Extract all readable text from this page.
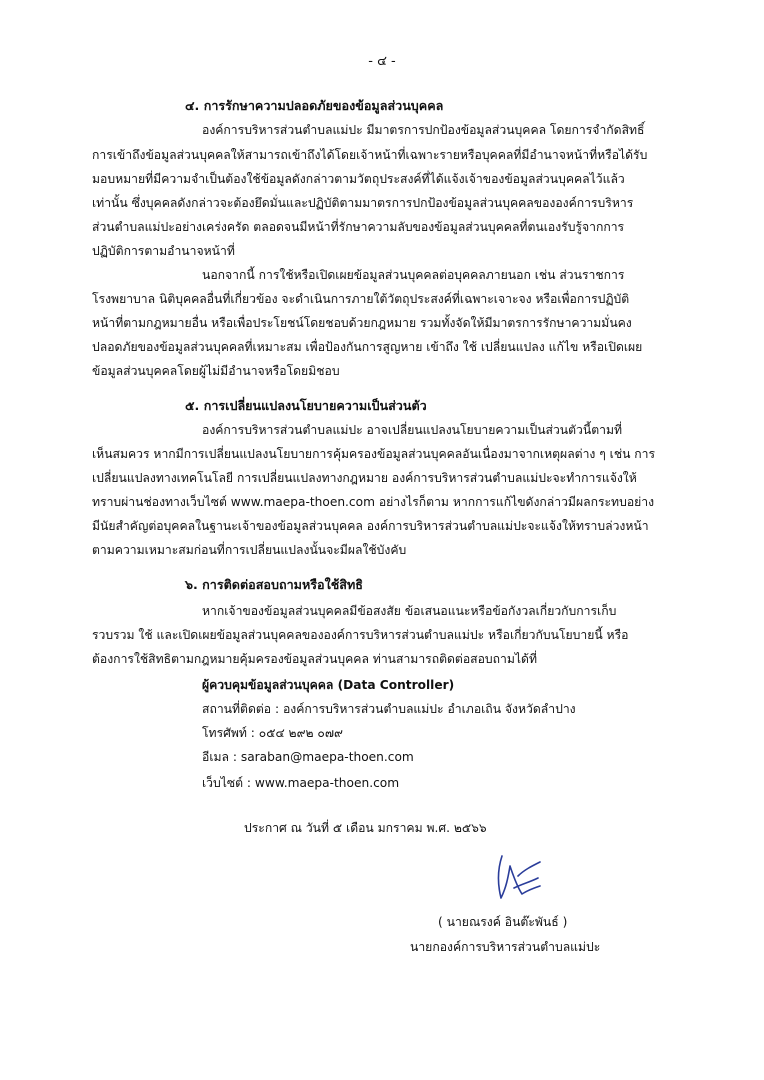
- ๔ -
๔. การรักษาความปลอดภัยของข้อมูลส่วนบุคคล
องค์การบริหารส่วนตำบลแม่ปะ มีมาตรการปกป้องข้อมูลส่วนบุคคล โดยการจำกัดสิทธิ์
การเข้าถึงข้อมูลส่วนบุคคลให้สามารถเข้าถึงได้โดยเจ้าหน้าที่เฉพาะรายหรือบุคคลที่มีอำนาจหน้าที่หรือได้รับ
มอบหมายที่มีความจำเป็นต้องใช้ข้อมูลดังกล่าวตามวัตถุประสงค์ที่ได้แจ้งเจ้าของข้อมูลส่วนบุคคลไว้แล้ว
เท่านั้น ซึ่งบุคคลดังกล่าวจะต้องยึดมั่นและปฏิบัติตามมาตรการปกป้องข้อมูลส่วนบุคคลขององค์การบริหาร
ส่วนตำบลแม่ปะอย่างเคร่งครัด ตลอดจนมีหน้าที่รักษาความลับของข้อมูลส่วนบุคคลที่ตนเองรับรู้จากการ
ปฏิบัติการตามอำนาจหน้าที่
นอกจากนี้ การใช้หรือเปิดเผยข้อมูลส่วนบุคคลต่อบุคคลภายนอก เช่น ส่วนราชการ
โรงพยาบาล นิติบุคคลอื่นที่เกี่ยวข้อง จะดำเนินการภายใต้วัตถุประสงค์ที่เฉพาะเจาะจง หรือเพื่อการปฏิบัติ
หน้าที่ตามกฎหมายอื่น หรือเพื่อประโยชน์โดยชอบด้วยกฎหมาย รวมทั้งจัดให้มีมาตรการรักษาความมั่นคง
ปลอดภัยของข้อมูลส่วนบุคคลที่เหมาะสม เพื่อป้องกันการสูญหาย เข้าถึง ใช้ เปลี่ยนแปลง แก้ไข หรือเปิดเผย
ข้อมูลส่วนบุคคลโดยผู้ไม่มีอำนาจหรือโดยมิชอบ
๕. การเปลี่ยนแปลงนโยบายความเป็นส่วนตัว
องค์การบริหารส่วนตำบลแม่ปะ อาจเปลี่ยนแปลงนโยบายความเป็นส่วนตัวนี้ตามที่
เห็นสมควร หากมีการเปลี่ยนแปลงนโยบายการคุ้มครองข้อมูลส่วนบุคคลอันเนื่องมาจากเหตุผลต่าง ๆ เช่น การ
เปลี่ยนแปลงทางเทคโนโลยี การเปลี่ยนแปลงทางกฎหมาย องค์การบริหารส่วนตำบลแม่ปะจะทำการแจ้งให้
ทราบผ่านช่องทางเว็บไซต์ www.maepa-thoen.com อย่างไรก็ตาม หากการแก้ไขดังกล่าวมีผลกระทบอย่าง
มีนัยสำคัญต่อบุคคลในฐานะเจ้าของข้อมูลส่วนบุคคล องค์การบริหารส่วนตำบลแม่ปะจะแจ้งให้ทราบล่วงหน้า
ตามความเหมาะสมก่อนที่การเปลี่ยนแปลงนั้นจะมีผลใช้บังคับ
๖. การติดต่อสอบถามหรือใช้สิทธิ
หากเจ้าของข้อมูลส่วนบุคคลมีข้อสงสัย ข้อเสนอแนะหรือข้อกังวลเกี่ยวกับการเก็บ
รวบรวม ใช้ และเปิดเผยข้อมูลส่วนบุคคลขององค์การบริหารส่วนตำบลแม่ปะ หรือเกี่ยวกับนโยบายนี้ หรือ
ต้องการใช้สิทธิตามกฎหมายคุ้มครองข้อมูลส่วนบุคคล ท่านสามารถติดต่อสอบถามได้ที่
ผู้ควบคุมข้อมูลส่วนบุคคล (Data Controller)
สถานที่ติดต่อ : องค์การบริหารส่วนตำบลแม่ปะ อำเภอเถิน จังหวัดลำปาง
โทรศัพท์ : ๐๕๔ ๒๙๒ ๐๗๙
อีเมล : saraban@maepa-thoen.com
เว็บไซต์ : www.maepa-thoen.com
ประกาศ ณ วันที่ ๕ เดือน มกราคม พ.ศ. ๒๕๖๖
( นายณรงค์ อินต๊ะพันธ์ )
นายกองค์การบริหารส่วนตำบลแม่ปะ
